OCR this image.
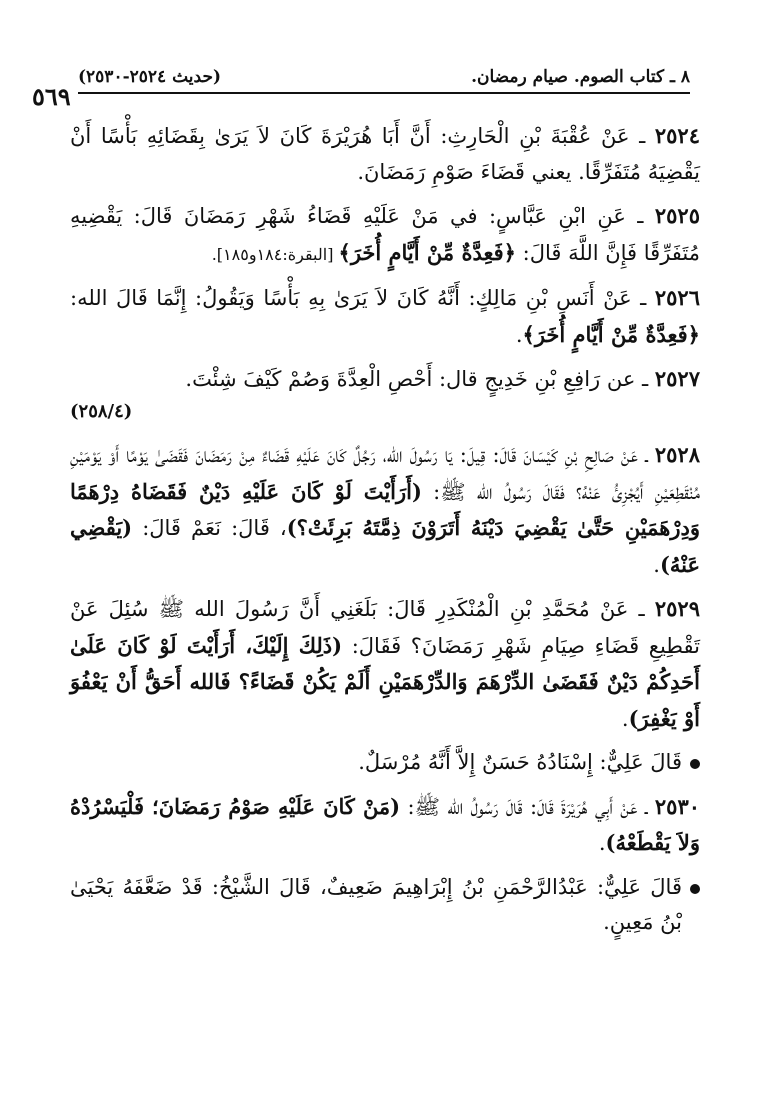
٨ ـ كتاب الصوم. صيام رمضان.
(حديث ٢٥٢٤-٢٥٣٠)
٥٦٩

٢٥٢٤ ـ عَنْ عُقْبَةَ بْنِ الْحَارِثِ: أَنَّ أَبَا هُرَيْرَةَ كَانَ لاَ يَرَىٰ بِقَضَائِهِ بَأْسًا أَنْ يَقْضِيَهُ مُتَفَرِّقًا. يعني قَضَاءَ صَوْمِ رَمَضَانَ.

٢٥٢٥ ـ عَنِ ابْنِ عَبَّاسٍ: في مَنْ عَلَيْهِ قَضَاءُ شَهْرِ رَمَضَانَ قَالَ: يَقْضِيهِ مُتَفَرِّقًا فَإِنَّ اللَّهَ قَالَ: ﴿فَعِدَّةٌ مِّنْ أَيَّامٍ أُخَرَ﴾ [البقرة:١٨٤و١٨٥].

٢٥٢٦ ـ عَنْ أَنَسِ بْنِ مَالِكٍ: أَنَّهُ كَانَ لاَ يَرَىٰ بِهِ بَأْسًا وَيَقُولُ: إِنَّمَا قَالَ الله: ﴿فَعِدَّةٌ مِّنْ أَيَّامٍ أُخَرَ﴾.

٢٥٢٧ ـ عن رَافِعِ بْنِ خَدِيجٍ قال: أَحْصِ الْعِدَّةَ وَصُمْ كَيْفَ شِئْتَ.
(٢٥٨/٤)

٢٥٢٨ ـ عَنْ صَالِحِ بْنِ كَيْسَانَ قَالَ: قِيلَ: يَا رَسُولَ الله، رَجُلٌ كَانَ عَلَيْهِ قَضَاءٌ مِنْ رَمَضَانَ فَقَضَىٰ يَوْمًا أَوْ يَوْمَيْنِ مُنْقَطِعَيْنِ أَيُجْزِئُ عَنْهُ؟ فَقَالَ رَسُولُ الله ﷺ: (أَرَأَيْتَ لَوْ كَانَ عَلَيْهِ دَيْنٌ فَقَضَاهُ دِرْهَمًا وَدِرْهَمَيْنِ حَتَّىٰ يَقْضِيَ دَيْنَهُ أَتَرَوْنَ ذِمَّتَهُ بَرِئَتْ؟)، قَالَ: نَعَمْ قَالَ: (يَقْضِي عَنْهُ).

٢٥٢٩ ـ عَنْ مُحَمَّدِ بْنِ الْمُنْكَدِرِ قَالَ: بَلَغَنِي أَنَّ رَسُولَ الله ﷺ سُئِلَ عَنْ تَقْطِيعِ قَضَاءِ صِيَامِ شَهْرِ رَمَضَانَ؟ فَقَالَ: (ذَلِكَ إِلَيْكَ، أَرَأَيْتَ لَوْ كَانَ عَلَىٰ أَحَدِكُمْ دَيْنٌ فَقَضَىٰ الدِّرْهَمَ وَالدِّرْهَمَيْنِ أَلَمْ يَكُنْ قَضَاءً؟ فَالله أَحَقُّ أَنْ يَعْفُوَ أَوْ يَغْفِرَ).

قَالَ عَلِيٌّ: إِسْنَادُهُ حَسَنٌ إِلاَّ أَنَّهُ مُرْسَلٌ.

٢٥٣٠ ـ عَنْ أَبِي هُرَيْرَةَ قَالَ: قَالَ رَسُولُ الله ﷺ: (مَنْ كَانَ عَلَيْهِ صَوْمُ رَمَضَانَ؛ فَلْيَسْرُدْهُ وَلاَ يَقْطَعْهُ).

قَالَ عَلِيٌّ: عَبْدُالرَّحْمَنِ بْنُ إِبْرَاهِيمَ ضَعِيفٌ، قَالَ الشَّيْخُ: قَدْ ضَعَّفَهُ يَحْيَىٰ بْنُ مَعِينٍ.
